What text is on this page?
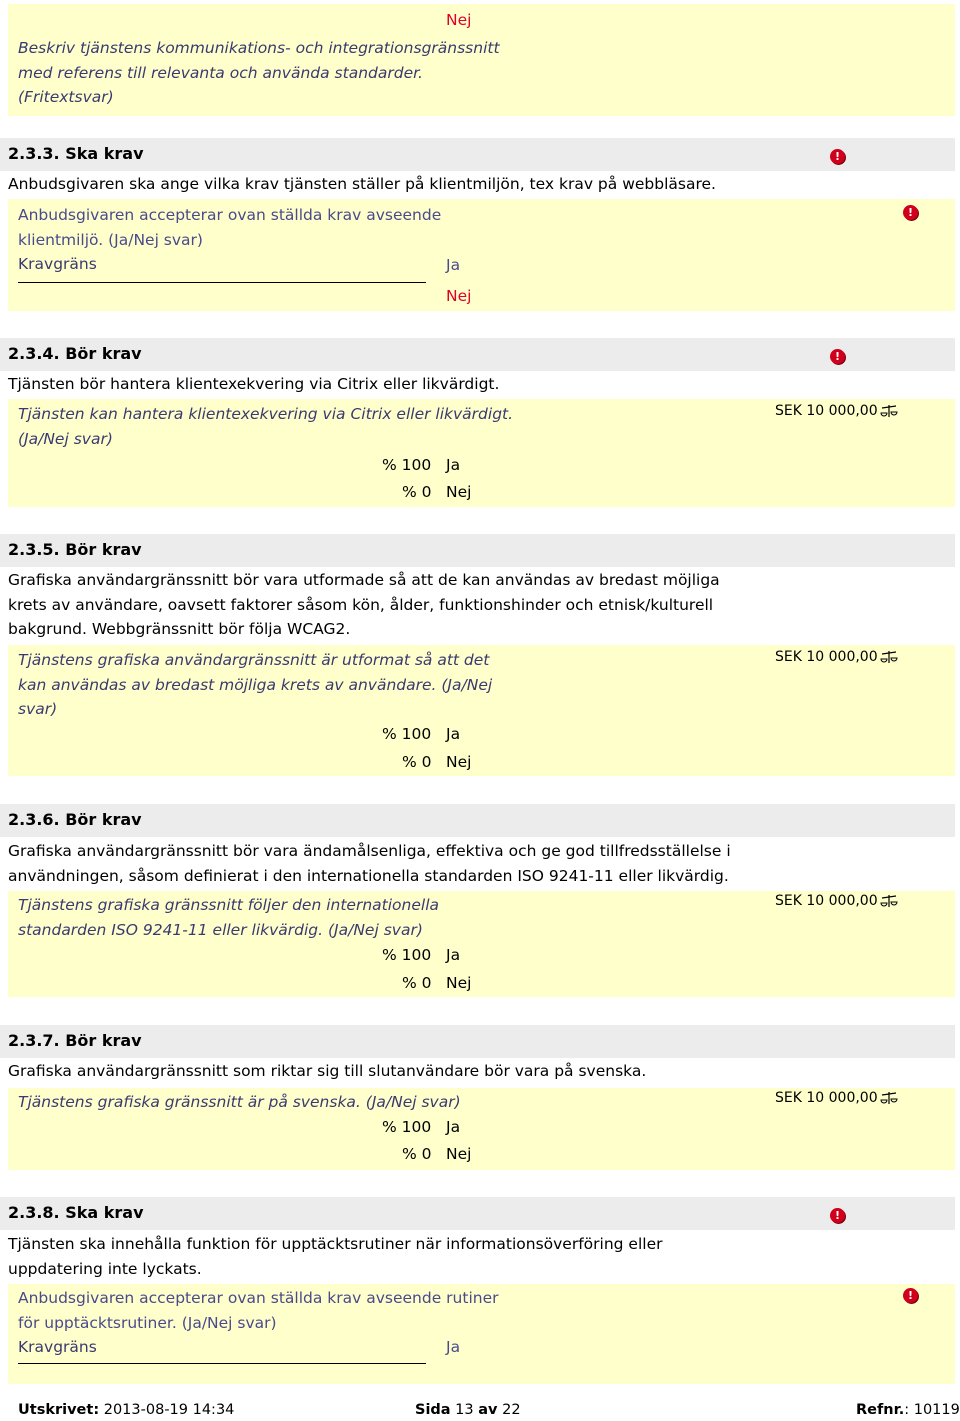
Nej
Beskriv tjänstens kommunikations- och integrationsgränssnitt
med referens till relevanta och använda standarder.
(Fritextsvar)
2.3.3. Ska krav	!
Anbudsgivaren ska ange vilka krav tjänsten ställer på klientmiljön, tex krav på webbläsare.
!
Anbudsgivaren accepterar ovan ställda krav avseende
klientmiljö. (Ja/Nej svar)
Kravgräns	Ja
Nej
2.3.4. Bör krav	!
Tjänsten bör hantera klientexekvering via Citrix eller likvärdigt.
Tjänsten kan hantera klientexekvering via Citrix eller likvärdigt.
(Ja/Nej svar)
SEK 10 000,00
% 100 Ja
% 0 Nej
2.3.5. Bör krav
Grafiska användargränssnitt bör vara utformade så att de kan användas av bredast möjliga
krets av användare, oavsett faktorer såsom kön, ålder, funktionshinder och etnisk/kulturell
bakgrund. Webbgränssnitt bör följa WCAG2.
Tjänstens grafiska användargränssnitt är utformat så att det
kan användas av bredast möjliga krets av användare. (Ja/Nej
svar)
SEK 10 000,00
% 100 Ja
% 0 Nej
2.3.6. Bör krav
Grafiska användargränssnitt bör vara ändamålsenliga, effektiva och ge god tillfredsställelse i
användningen, såsom definierat i den internationella standarden ISO 9241-11 eller likvärdig.
Tjänstens grafiska gränssnitt följer den internationella
standarden ISO 9241-11 eller likvärdig. (Ja/Nej svar)
SEK 10 000,00
% 100 Ja
% 0 Nej
2.3.7. Bör krav
Grafiska användargränssnitt som riktar sig till slutanvändare bör vara på svenska.
Tjänstens grafiska gränssnitt är på svenska. (Ja/Nej svar)	SEK 10 000,00
% 100 Ja
% 0 Nej
2.3.8. Ska krav	!
Tjänsten ska innehålla funktion för upptäcktsrutiner när informationsöverföring eller
uppdatering inte lyckats.
!
Anbudsgivaren accepterar ovan ställda krav avseende rutiner
för upptäcktsrutiner. (Ja/Nej svar)
Kravgräns	Ja
Utskrivet: 2013-08-19 14:34	Sida 13 av 22	Refnr.: 10119
